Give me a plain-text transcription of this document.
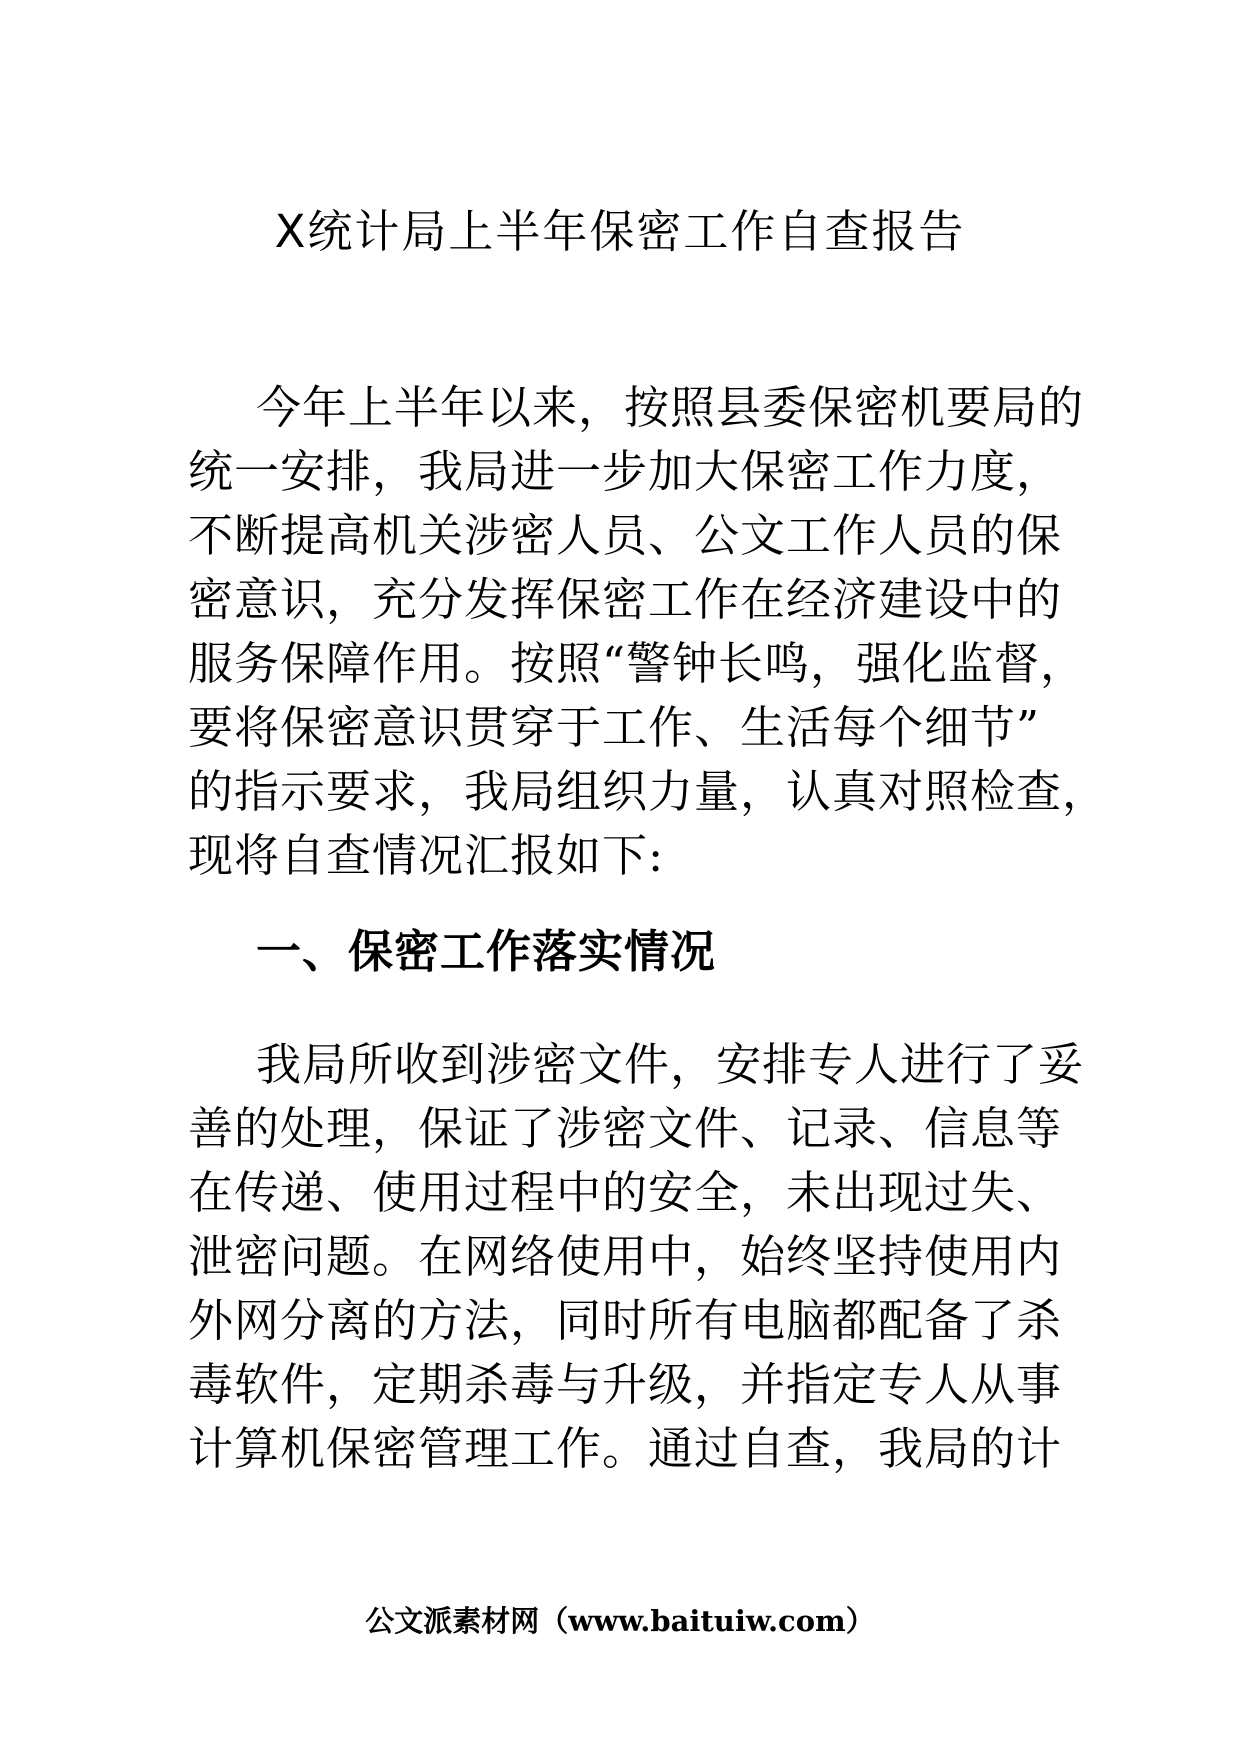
X统计局上半年保密工作自查报告
今年上半年以来，按照县委保密机要局的
统一安排，我局进一步加大保密工作力度，
不断提高机关涉密人员、公文工作人员的保
密意识，充分发挥保密工作在经济建设中的
服务保障作用。按照“警钟长鸣，强化监督，
要将保密意识贯穿于工作、生活每个细节”
的指示要求，我局组织力量，认真对照检查，
现将自查情况汇报如下:
一、保密工作落实情况
我局所收到涉密文件，安排专人进行了妥
善的处理，保证了涉密文件、记录、信息等
在传递、使用过程中的安全，未出现过失、
泄密问题。在网络使用中，始终坚持使用内
外网分离的方法，同时所有电脑都配备了杀
毒软件，定期杀毒与升级，并指定专人从事
计算机保密管理工作。通过自查，我局的计
公文派素材网（www.baituiw.com）
